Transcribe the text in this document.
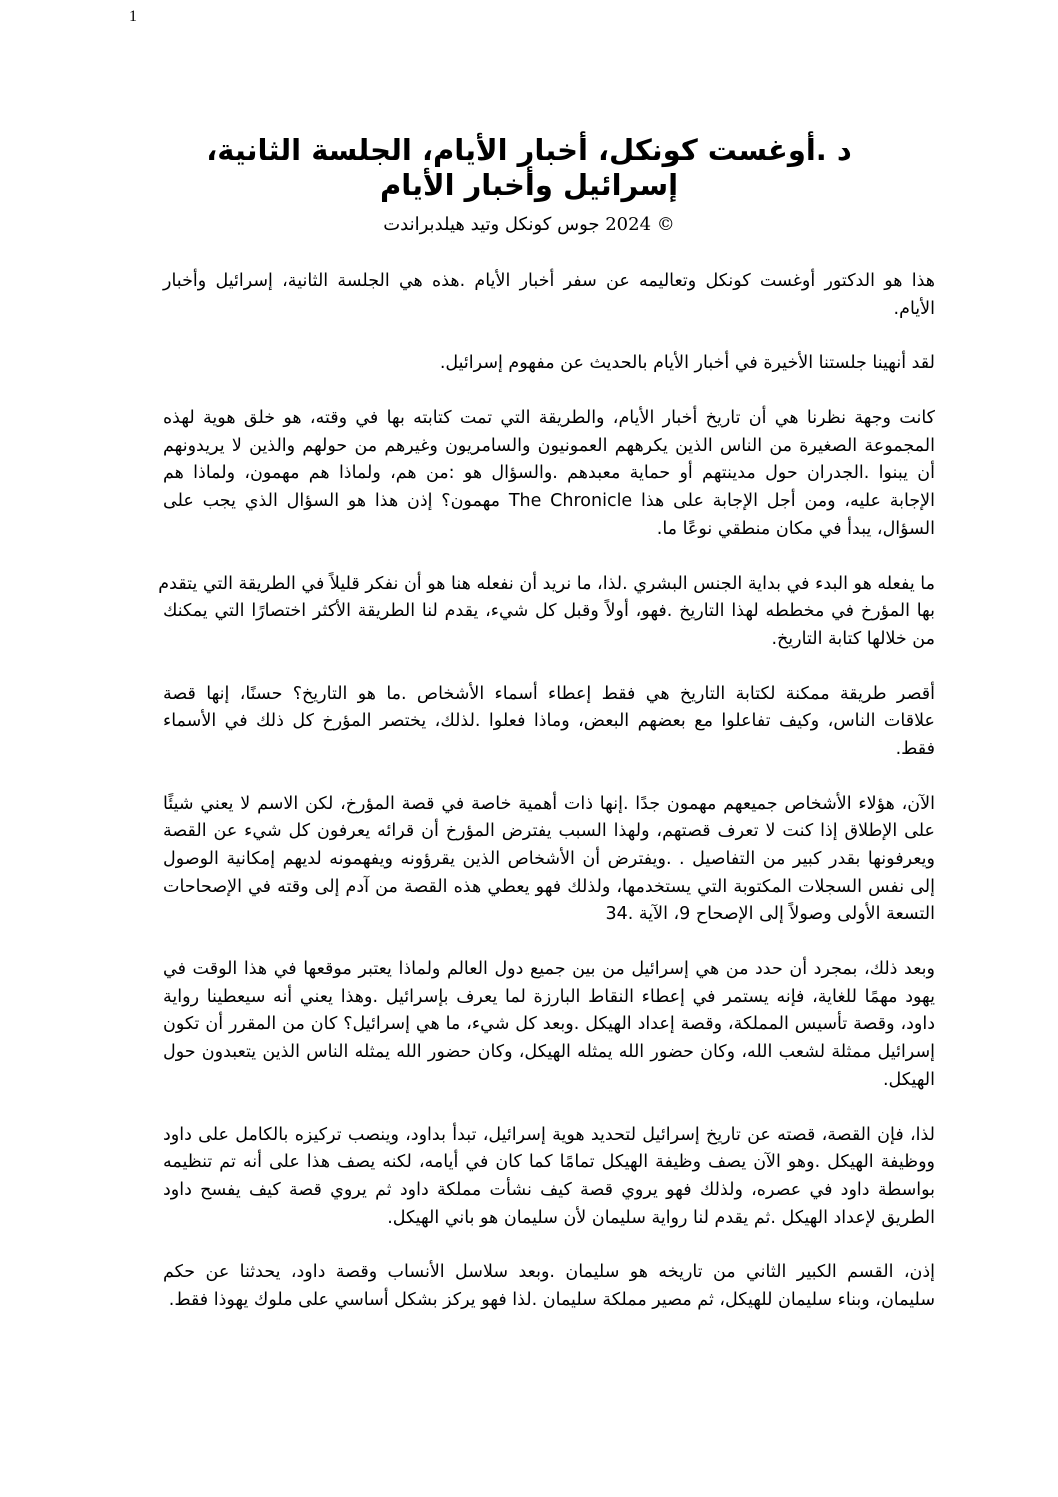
1
د .أوغست كونكل، أخبار الأيام، الجلسة الثانية،
إسرائيل وأخبار الأيام
© 2024 جوس كونكل وتيد هيلدبراندت
هذا هو الدكتور أوغست كونكل وتعاليمه عن سفر أخبار الأيام .هذه هي الجلسة الثانية، إسرائيل وأخبار
الأيام.
لقد أنهينا جلستنا الأخيرة في أخبار الأيام بالحديث عن مفهوم إسرائيل.
كانت وجهة نظرنا هي أن تاريخ أخبار الأيام، والطريقة التي تمت كتابته بها في وقته، هو خلق هوية لهذه
المجموعة الصغيرة من الناس الذين يكرههم العمونيون والسامريون وغيرهم من حولهم والذين لا يريدونهم
أن يبنوا .الجدران حول مدينتهم أو حماية معبدهم .والسؤال هو :من هم، ولماذا هم مهمون، ولماذا هم
الإجابة عليه، ومن أجل الإجابة على هذا The Chronicle مهمون؟ إذن هذا هو السؤال الذي يجب على
السؤال، يبدأ في مكان منطقي نوعًا ما.
ما يفعله هو البدء في بداية الجنس البشري .لذا، ما نريد أن نفعله هنا هو أن نفكر قليلاً في الطريقة التي يتقدم
بها المؤرخ في مخططه لهذا التاريخ .فهو، أولاً وقبل كل شيء، يقدم لنا الطريقة الأكثر اختصارًا التي يمكنك
من خلالها كتابة التاريخ.
أقصر طريقة ممكنة لكتابة التاريخ هي فقط إعطاء أسماء الأشخاص .ما هو التاريخ؟ حسنًا، إنها قصة
علاقات الناس، وكيف تفاعلوا مع بعضهم البعض، وماذا فعلوا .لذلك، يختصر المؤرخ كل ذلك في الأسماء
فقط.
الآن، هؤلاء الأشخاص جميعهم مهمون جدًا .إنها ذات أهمية خاصة في قصة المؤرخ، لكن الاسم لا يعني شيئًا
على الإطلاق إذا كنت لا تعرف قصتهم، ولهذا السبب يفترض المؤرخ أن قرائه يعرفون كل شيء عن القصة
ويعرفونها بقدر كبير من التفاصيل . .ويفترض أن الأشخاص الذين يقرؤونه ويفهمونه لديهم إمكانية الوصول
إلى نفس السجلات المكتوبة التي يستخدمها، ولذلك فهو يعطي هذه القصة من آدم إلى وقته في الإصحاحات
التسعة الأولى وصولاً إلى الإصحاح 9، الآية .34
وبعد ذلك، بمجرد أن حدد من هي إسرائيل من بين جميع دول العالم ولماذا يعتبر موقعها في هذا الوقت في
يهود مهمًا للغاية، فإنه يستمر في إعطاء النقاط البارزة لما يعرف بإسرائيل .وهذا يعني أنه سيعطينا رواية
داود، وقصة تأسيس المملكة، وقصة إعداد الهيكل .وبعد كل شيء، ما هي إسرائيل؟ كان من المقرر أن تكون
إسرائيل ممثلة لشعب الله، وكان حضور الله يمثله الهيكل، وكان حضور الله يمثله الناس الذين يتعبدون حول
الهيكل.
لذا، فإن القصة، قصته عن تاريخ إسرائيل لتحديد هوية إسرائيل، تبدأ بداود، وينصب تركيزه بالكامل على داود
ووظيفة الهيكل .وهو الآن يصف وظيفة الهيكل تمامًا كما كان في أيامه، لكنه يصف هذا على أنه تم تنظيمه
بواسطة داود في عصره، ولذلك فهو يروي قصة كيف نشأت مملكة داود ثم يروي قصة كيف يفسح داود
الطريق لإعداد الهيكل .ثم يقدم لنا رواية سليمان لأن سليمان هو باني الهيكل.
إذن، القسم الكبير الثاني من تاريخه هو سليمان .وبعد سلاسل الأنساب وقصة داود، يحدثنا عن حكم
سليمان، وبناء سليمان للهيكل، ثم مصير مملكة سليمان .لذا فهو يركز بشكل أساسي على ملوك يهوذا فقط.
